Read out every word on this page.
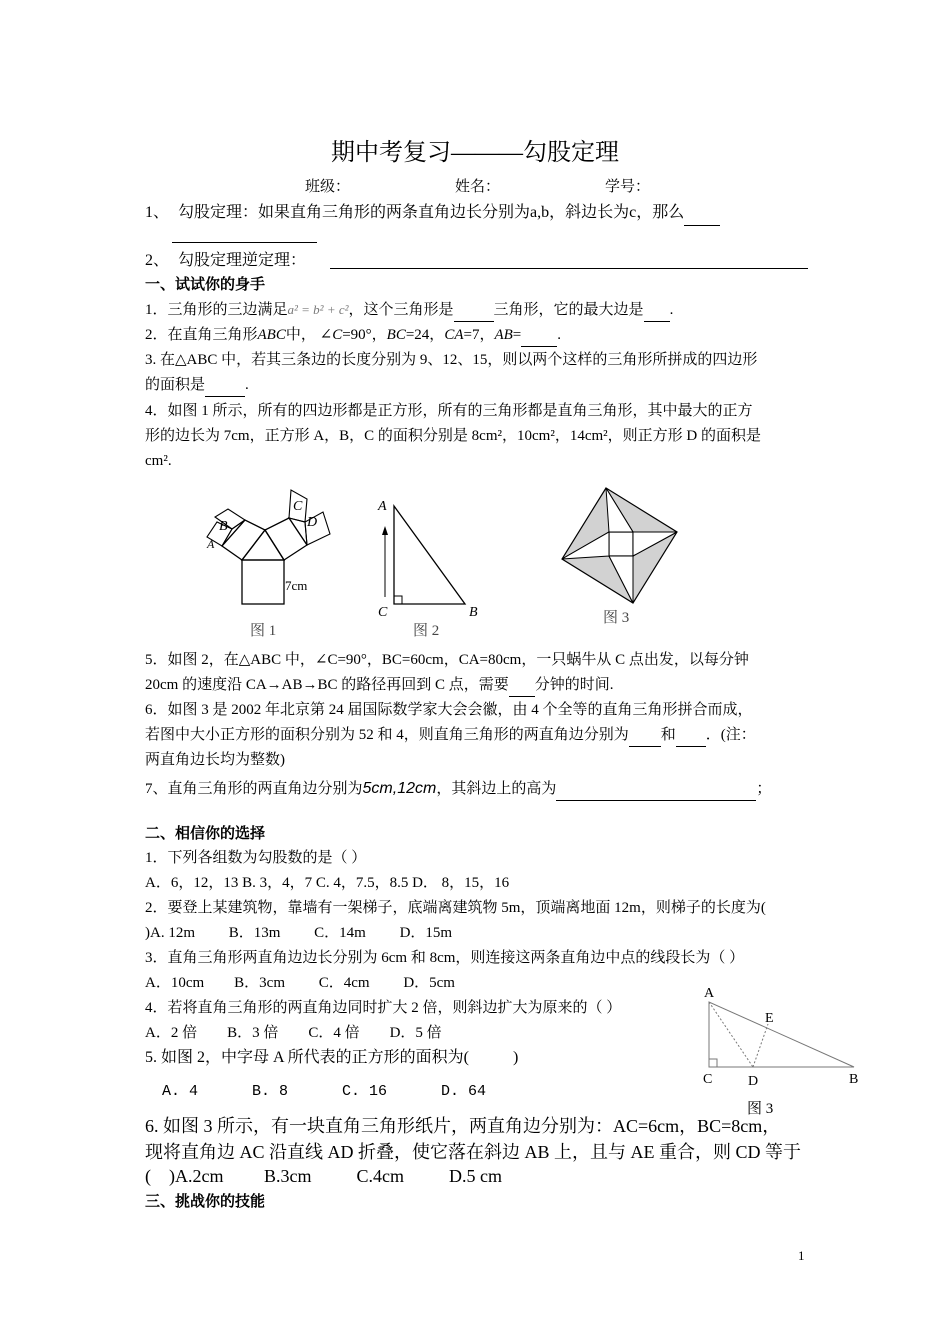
期中考复习———勾股定理
班级：	姓名：	学号：
1、 勾股定理：如果直角三角形的两条直角边长分别为a,b，斜边长为c，那么
2、 勾股定理逆定理：
一、试试你的身手
1．三角形的三边满足a² = b² + c²，这个三角形是	三角形，它的最大边是 .
2．在直角三角形ABC中， ∠C=90°，BC=24，CA=7，AB= .
3. 在△ABC 中，若其三条边的长度分别为 9、12、15，则以两个这样的三角形所拼成的四边形
的面积是	.
4．如图 1 所示，所有的四边形都是正方形，所有的三角形都是直角三角形，其中最大的正方
形的边长为 7cm，正方形 A，B，C 的面积分别是 8cm²，10cm²，14cm²，则正方形 D 的面积是
cm².
B
A
C
D
7cm
图 1
A
C	B
图 2
图 3
5．如图 2，在△ABC 中，∠C=90°，BC=60cm，CA=80cm，一只蜗牛从 C 点出发，以每分钟
20cm 的速度沿 CA→AB→BC 的路径再回到 C 点，需要 分钟的时间.
6．如图 3 是 2002 年北京第 24 届国际数学家大会会徽，由 4 个全等的直角三角形拼合而成，
若图中大小正方形的面积分别为 52 和 4，则直角三角形的两直角边分别为 和 ．(注：
两直角边长均为整数)
7、直角三角形的两直角边分别为5cm,12cm，其斜边上的高为	；
二、相信你的选择
1．下列各组数为勾股数的是（ ）
A．6，12，13 B. 3，4，7 C. 4，7.5，8.5 D． 8，15，16
2．要登上某建筑物，靠墙有一架梯子，底端离建筑物 5m，顶端离地面 12m，则梯子的长度为(
)A. 12m         B．13m         C．14m         D．15m
3．直角三角形两直角边边长分别为 6cm 和 8cm，则连接这两条直角边中点的线段长为（ ）
A．10cm        B．3cm         C．4cm         D．5cm
4．若将直角三角形的两直角边同时扩大 2 倍，则斜边扩大为原来的（ ）
A．2 倍        B．3 倍        C．4 倍        D．5 倍
5. 如图 2，中字母 A 所代表的正方形的面积为(           )
A. 4      B. 8      C. 16      D. 64
A
E
C	D	B
图 3
6. 如图 3 所示，有一块直角三角形纸片，两直角边分别为：AC=6cm，BC=8cm，
现将直角边 AC 沿直线 AD 折叠，使它落在斜边 AB 上，且与 AE 重合，则 CD 等于
(    )A.2cm         B.3cm          C.4cm          D.5 cm
三、挑战你的技能
1
